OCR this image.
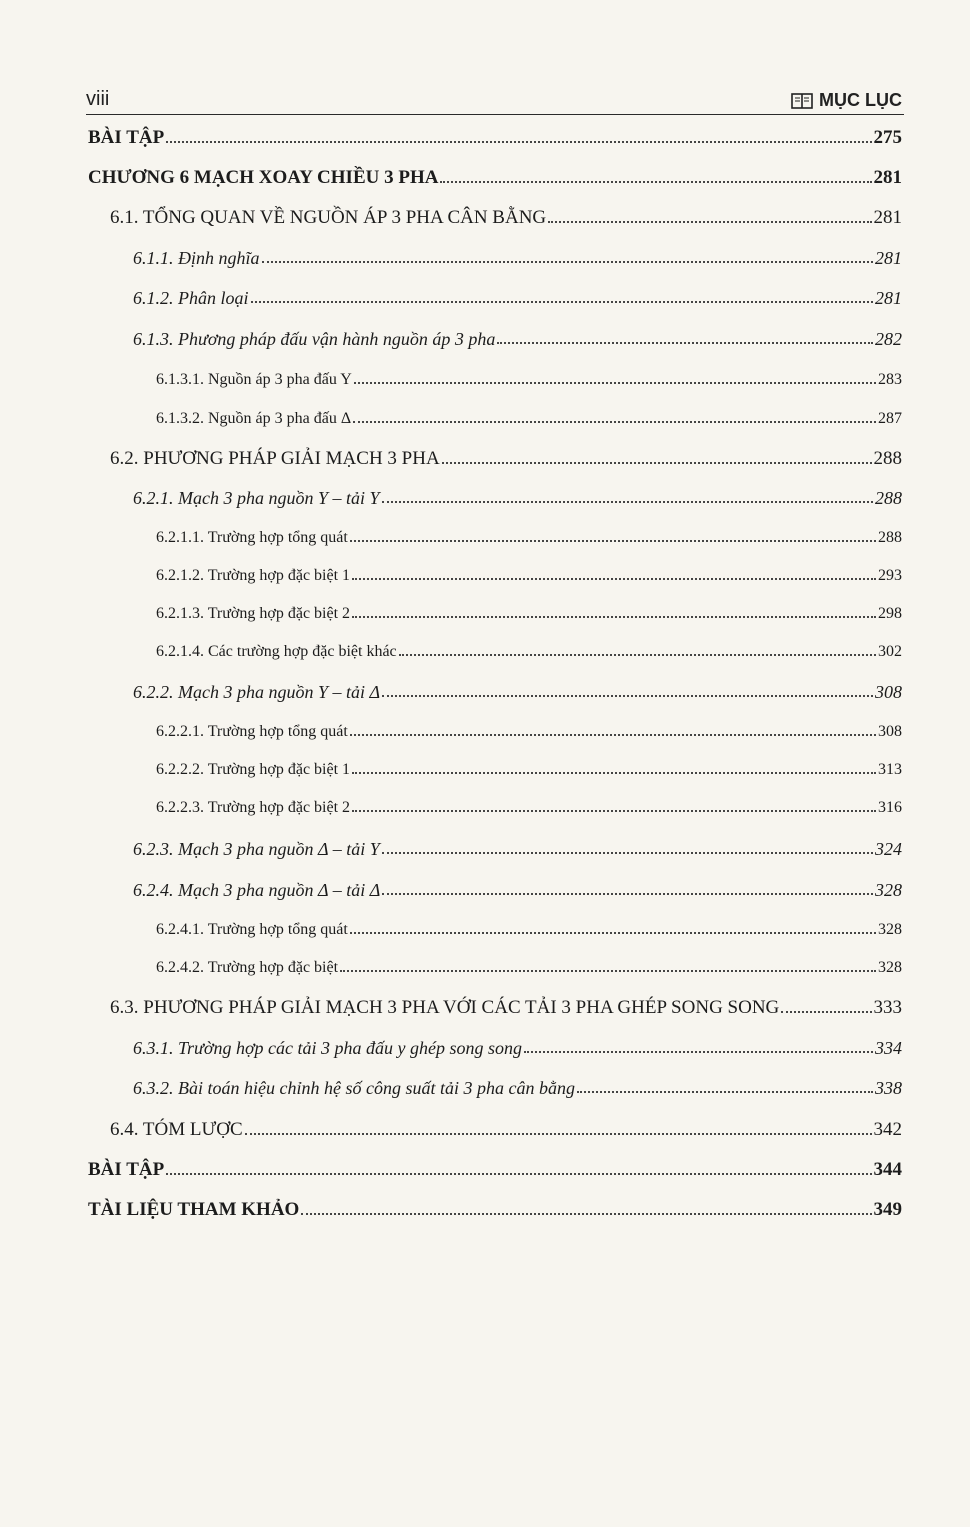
viii	MỤC LỤC
BÀI TẬP	275
CHƯƠNG 6 MẠCH XOAY CHIỀU 3 PHA	281
6.1. TỔNG QUAN VỀ NGUỒN ÁP 3 PHA CÂN BẰNG	281
6.1.1. Định nghĩa	281
6.1.2. Phân loại	281
6.1.3. Phương pháp đấu vận hành nguồn áp 3 pha	282
6.1.3.1. Nguồn áp 3 pha đấu Y	283
6.1.3.2. Nguồn áp 3 pha đấu Δ	287
6.2. PHƯƠNG PHÁP GIẢI MẠCH 3 PHA	288
6.2.1. Mạch 3 pha nguồn Y – tải Y	288
6.2.1.1. Trường hợp tổng quát	288
6.2.1.2. Trường hợp đặc biệt 1	293
6.2.1.3. Trường hợp đặc biệt 2	298
6.2.1.4. Các trường hợp đặc biệt khác	302
6.2.2. Mạch 3 pha nguồn Y – tải Δ	308
6.2.2.1. Trường hợp tổng quát	308
6.2.2.2. Trường hợp đặc biệt 1	313
6.2.2.3. Trường hợp đặc biệt 2	316
6.2.3. Mạch 3 pha nguồn Δ – tải Y	324
6.2.4. Mạch 3 pha nguồn Δ – tải Δ	328
6.2.4.1. Trường hợp tổng quát	328
6.2.4.2. Trường hợp đặc biệt	328
6.3. PHƯƠNG PHÁP GIẢI MẠCH 3 PHA VỚI CÁC TẢI 3 PHA GHÉP SONG SONG	333
6.3.1. Trường hợp các tải 3 pha đấu y ghép song song	334
6.3.2. Bài toán hiệu chỉnh hệ số công suất tải 3 pha cân bằng	338
6.4. TÓM LƯỢC	342
BÀI TẬP	344
TÀI LIỆU THAM KHẢO	349
